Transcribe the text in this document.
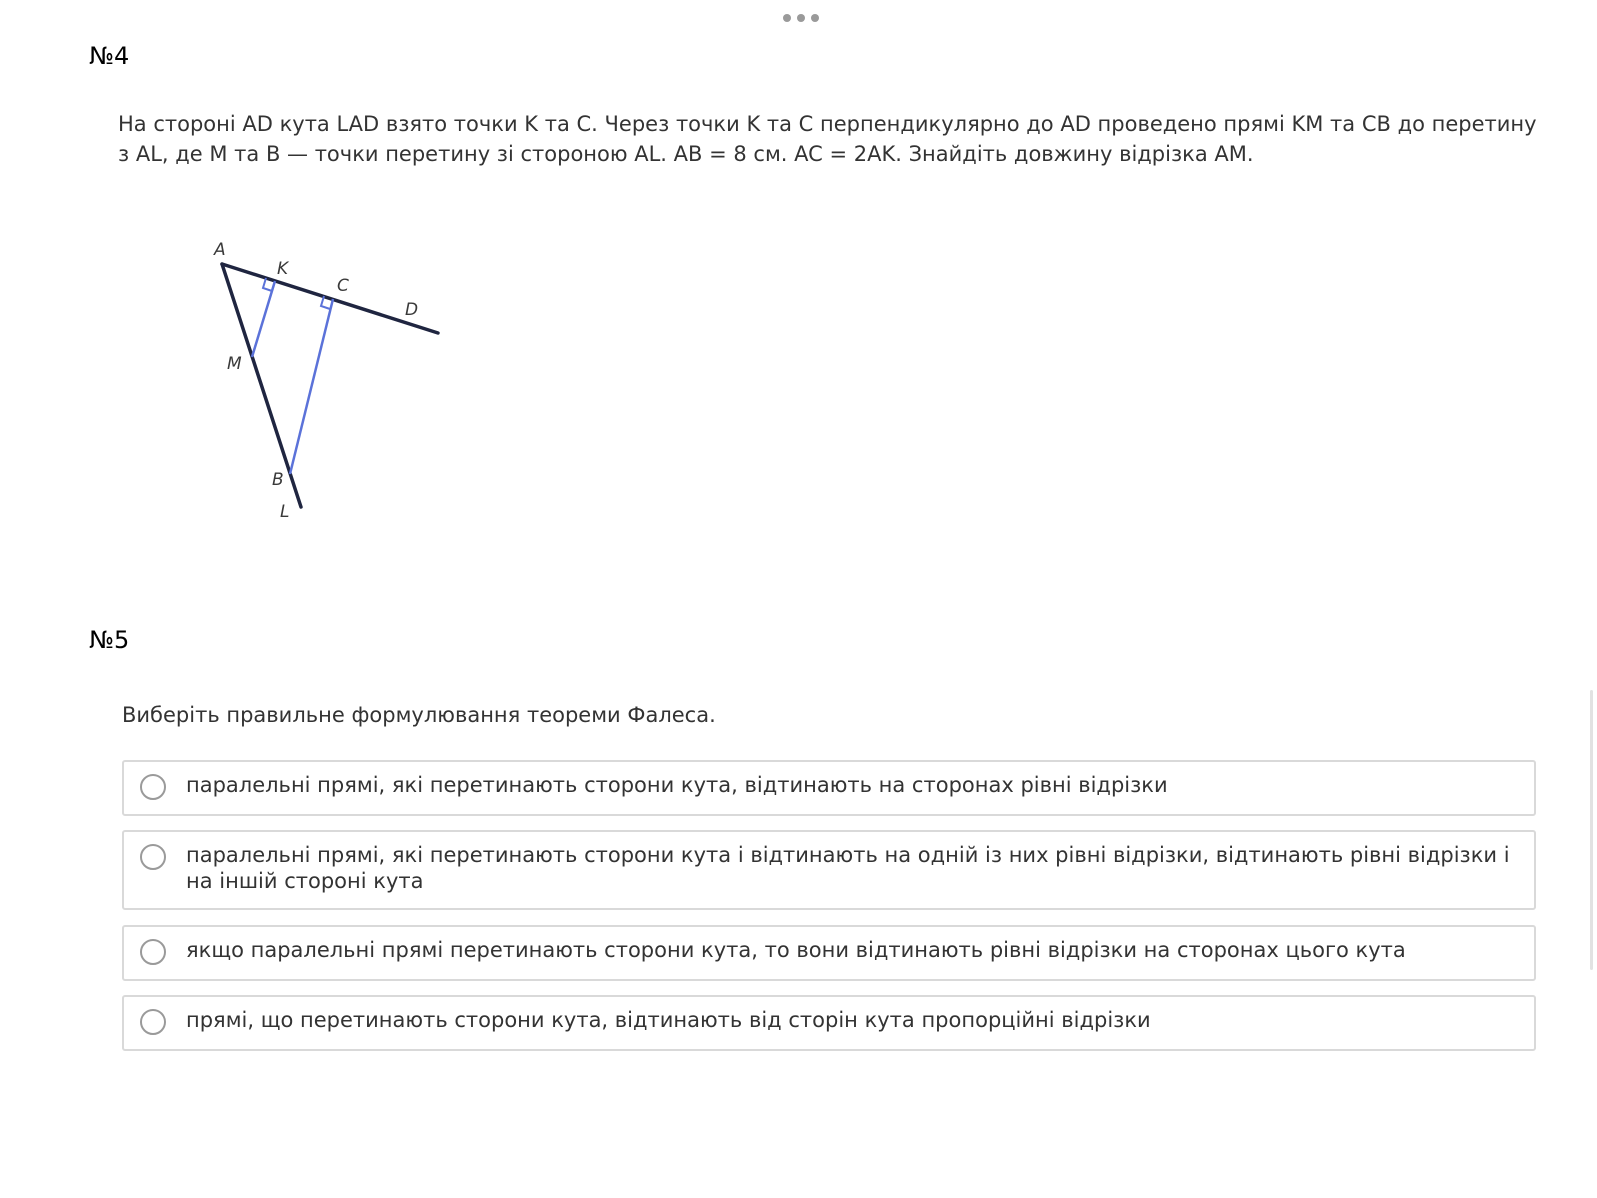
№4
На стороні AD кута LAD взято точки K та C. Через точки K та C перпендикулярно до AD проведено прямі KM та CB до перетину з AL, де M та B — точки перетину зі стороною AL. AB = 8 см. AC = 2AK. Знайдіть довжину відрізка AM.
A
K
C
D
M
B
L
№5
Виберіть правильне формулювання теореми Фалеса.
паралельні прямі, які перетинають сторони кута, відтинають на сторонах рівні відрізки
паралельні прямі, які перетинають сторони кута і відтинають на одній із них рівні відрізки, відтинають рівні відрізки і на іншій стороні кута
якщо паралельні прямі перетинають сторони кута, то вони відтинають рівні відрізки на сторонах цього кута
прямі, що перетинають сторони кута, відтинають від сторін кута пропорційні відрізки
